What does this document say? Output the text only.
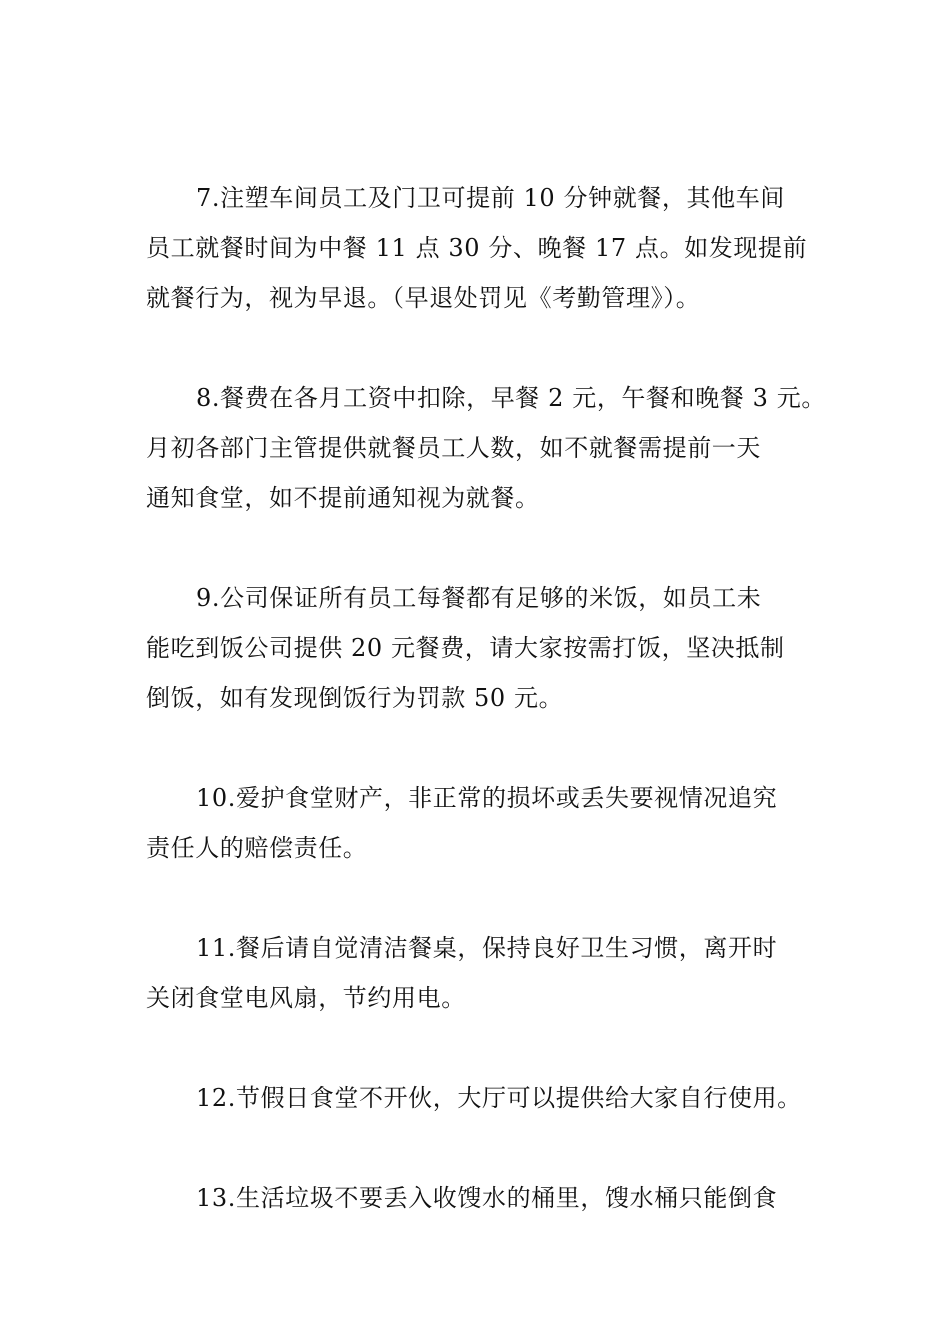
7.注塑车间员工及门卫可提前 10 分钟就餐，其他车间
员工就餐时间为中餐 11 点 30 分、晚餐 17 点。如发现提前
就餐行为，视为早退。（早退处罚见《考勤管理》）。
8.餐费在各月工资中扣除，早餐 2 元，午餐和晚餐 3 元。
月初各部门主管提供就餐员工人数，如不就餐需提前一天
通知食堂，如不提前通知视为就餐。
9.公司保证所有员工每餐都有足够的米饭，如员工未
能吃到饭公司提供 20 元餐费，请大家按需打饭，坚决抵制
倒饭，如有发现倒饭行为罚款 50 元。
10.爱护食堂财产，非正常的损坏或丢失要视情况追究
责任人的赔偿责任。
11.餐后请自觉清洁餐桌，保持良好卫生习惯，离开时
关闭食堂电风扇，节约用电。
12.节假日食堂不开伙，大厅可以提供给大家自行使用。
13.生活垃圾不要丢入收馊水的桶里，馊水桶只能倒食
